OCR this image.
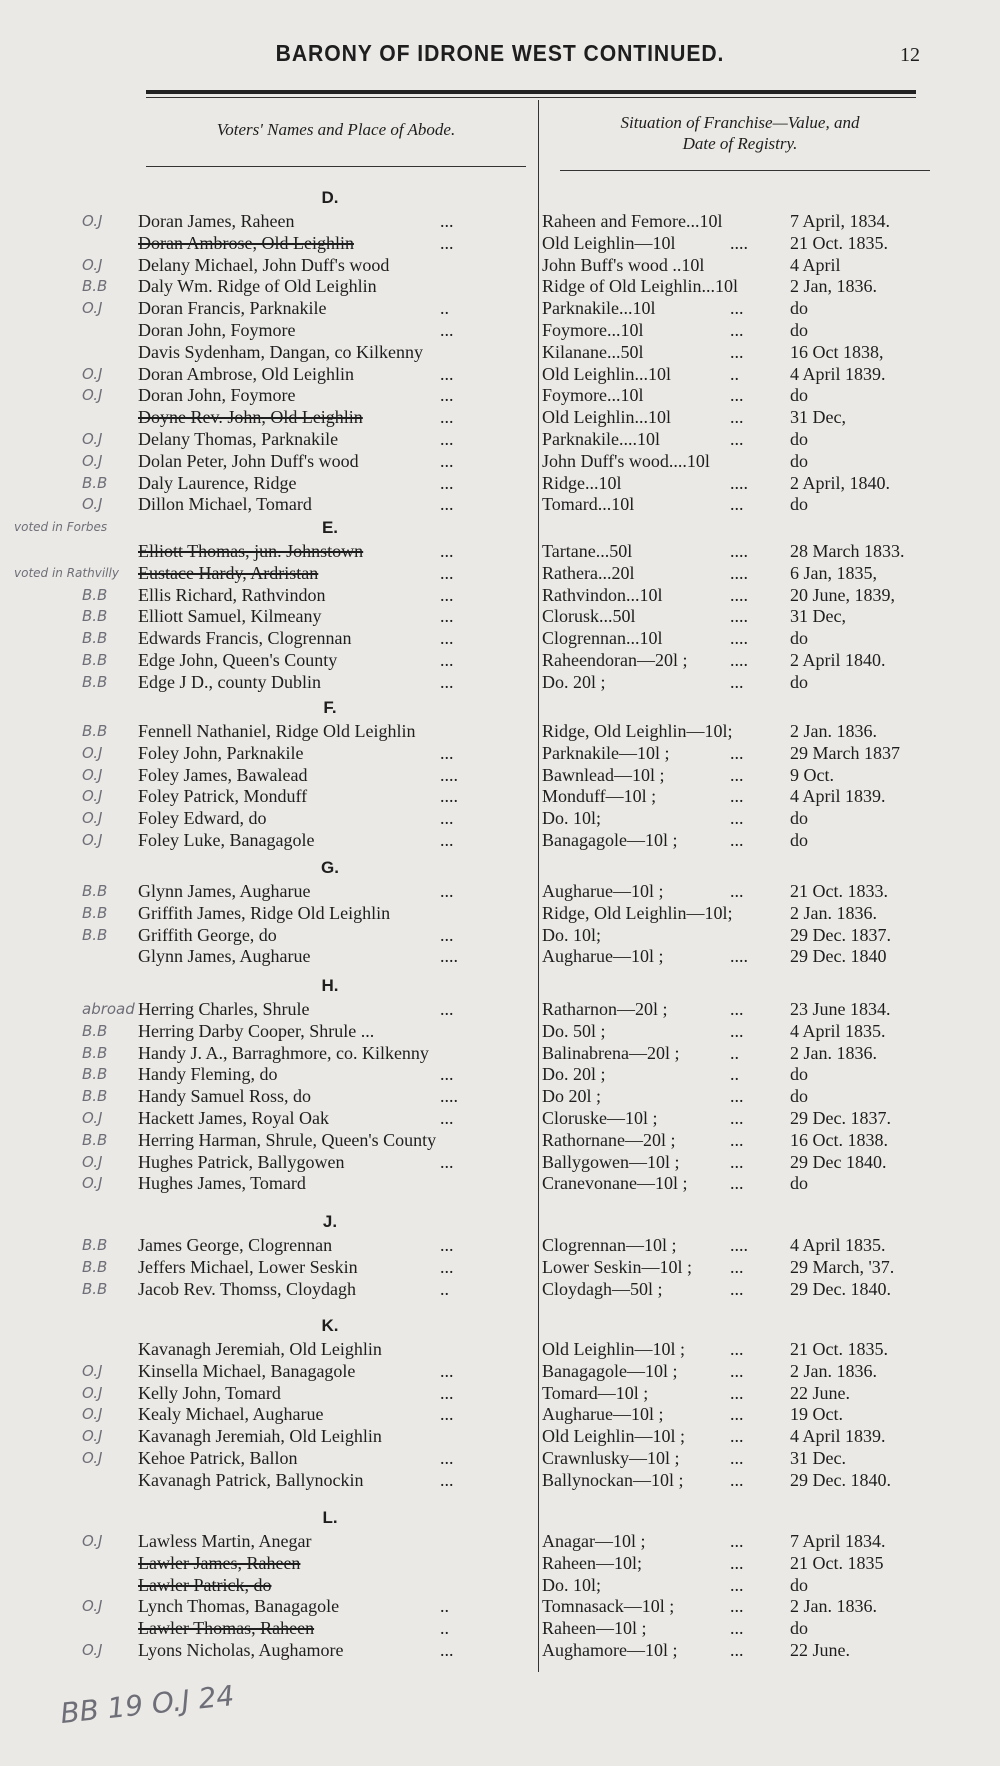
BARONY OF IDRONE WEST CONTINUED.	12
Voters' Names and Place of Abode.	Situation of Franchise—Value, and
Date of Registry.
D.
O.J Doran James, Raheen	...	Raheen and Femore...10l	7 April, 1834.
Doran Ambrose, Old Leighlin	...	Old Leighlin—10l	.... 21 Oct. 1835.
O.J Delany Michael, John Duff's wood	John Buff's wood ..10l	4 April
B.B Daly Wm. Ridge of Old Leighlin	Ridge of Old Leighlin...10l	2 Jan, 1836.
O.J Doran Francis, Parknakile	..	Parknakile...10l	...	do
Doran John, Foymore	...	Foymore...10l	...	do
Davis Sydenham, Dangan, co Kilkenny	Kilanane...50l	...	16 Oct 1838,
O.J Doran Ambrose, Old Leighlin	...	Old Leighlin...10l	..	4 April 1839.
O.J Doran John, Foymore	...	Foymore...10l	...	do
Doyne Rev. John, Old Leighlin	...	Old Leighlin...10l	...	31 Dec,
O.J Delany Thomas, Parknakile	...	Parknakile....10l	...	do
O.J Dolan Peter, John Duff's wood	...	John Duff's wood....10l	do
B.B Daly Laurence, Ridge	...	Ridge...10l	.... 2 April, 1840.
O.J Dillon Michael, Tomard	...	Tomard...10l	...	do
E.
Elliott Thomas, jun. Johnstown	...	Tartane...50l	.... 28 March 1833.
Eustace Hardy, Ardristan	...	Rathera...20l	.... 6 Jan, 1835,
B.B Ellis Richard, Rathvindon	...	Rathvindon...10l	.... 20 June, 1839,
B.B Elliott Samuel, Kilmeany	...	Clorusk...50l	.... 31 Dec,
B.B Edwards Francis, Clogrennan	...	Clogrennan...10l	.... do
B.B Edge John, Queen's County	...	Raheendoran—20l ; .... 2 April 1840.
B.B Edge J D., county Dublin	...	Do. 20l ;	...	do
F.
B.B Fennell Nathaniel, Ridge Old Leighlin	Ridge, Old Leighlin—10l;	2 Jan. 1836.
O.J Foley John, Parknakile	...	Parknakile—10l ;	...	29 March 1837
O.J Foley James, Bawalead	....	Bawnlead—10l ;	...	9 Oct.
O.J Foley Patrick, Monduff	....	Monduff—10l ;	...	4 April 1839.
O.J Foley Edward, do	...	Do. 10l;	...	do
O.J Foley Luke, Banagagole	...	Banagagole—10l ;	...	do
G.
B.B Glynn James, Augharue	...	Augharue—10l ;	...	21 Oct. 1833.
B.B Griffith James, Ridge Old Leighlin	Ridge, Old Leighlin—10l;	2 Jan. 1836.
B.B Griffith George, do	...	Do. 10l;	29 Dec. 1837.
Glynn James, Augharue	....	Augharue—10l ;	.... 29 Dec. 1840
H.
abroad Herring Charles, Shrule	...	Ratharnon—20l ;	...	23 June 1834.
B.B Herring Darby Cooper, Shrule ...	Do. 50l ;	...	4 April 1835.
B.B Handy J. A., Barraghmore, co. Kilkenny	Balinabrena—20l ;	..	2 Jan. 1836.
B.B Handy Fleming, do	...	Do. 20l ;	..	do
B.B Handy Samuel Ross, do	....	Do 20l ;	...	do
O.J Hackett James, Royal Oak	...	Cloruske—10l ;	...	29 Dec. 1837.
B.B Herring Harman, Shrule, Queen's County	Rathornane—20l ;	...	16 Oct. 1838.
O.J Hughes Patrick, Ballygowen	...	Ballygowen—10l ;	...	29 Dec 1840.
O.J Hughes James, Tomard	Cranevonane—10l ; ...	do
J.
B.B James George, Clogrennan	...	Clogrennan—10l ;	.... 4 April 1835.
B.B Jeffers Michael, Lower Seskin	...	Lower Seskin—10l ; ...	29 March, '37.
B.B Jacob Rev. Thomss, Cloydagh	..	Cloydagh—50l ;	...	29 Dec. 1840.
K.
Kavanagh Jeremiah, Old Leighlin	Old Leighlin—10l ;	...	21 Oct. 1835.
O.J Kinsella Michael, Banagagole	...	Banagagole—10l ;	...	2 Jan. 1836.
O.J Kelly John, Tomard	...	Tomard—10l ;	...	22 June.
O.J Kealy Michael, Augharue	...	Augharue—10l ;	...	19 Oct.
O.J Kavanagh Jeremiah, Old Leighlin	Old Leighlin—10l ;	...	4 April 1839.
O.J Kehoe Patrick, Ballon	...	Crawnlusky—10l ;	...	31 Dec.
Kavanagh Patrick, Ballynockin	...	Ballynockan—10l ;	...	29 Dec. 1840.
L.
O.J Lawless Martin, Anegar	Anagar—10l ;	...	7 April 1834.
Lawler James, Raheen	Raheen—10l;	...	21 Oct. 1835
Lawler Patrick, do	Do. 10l;	...	do
O.J Lynch Thomas, Banagagole	..	Tomnasack—10l ;	...	2 Jan. 1836.
Lawler Thomas, Raheen	..	Raheen—10l ;	...	do
O.J Lyons Nicholas, Aughamore	...	Aughamore—10l ;	...	22 June.
voted in Forbes
voted in Rathvilly
BB 19 O.J 24
